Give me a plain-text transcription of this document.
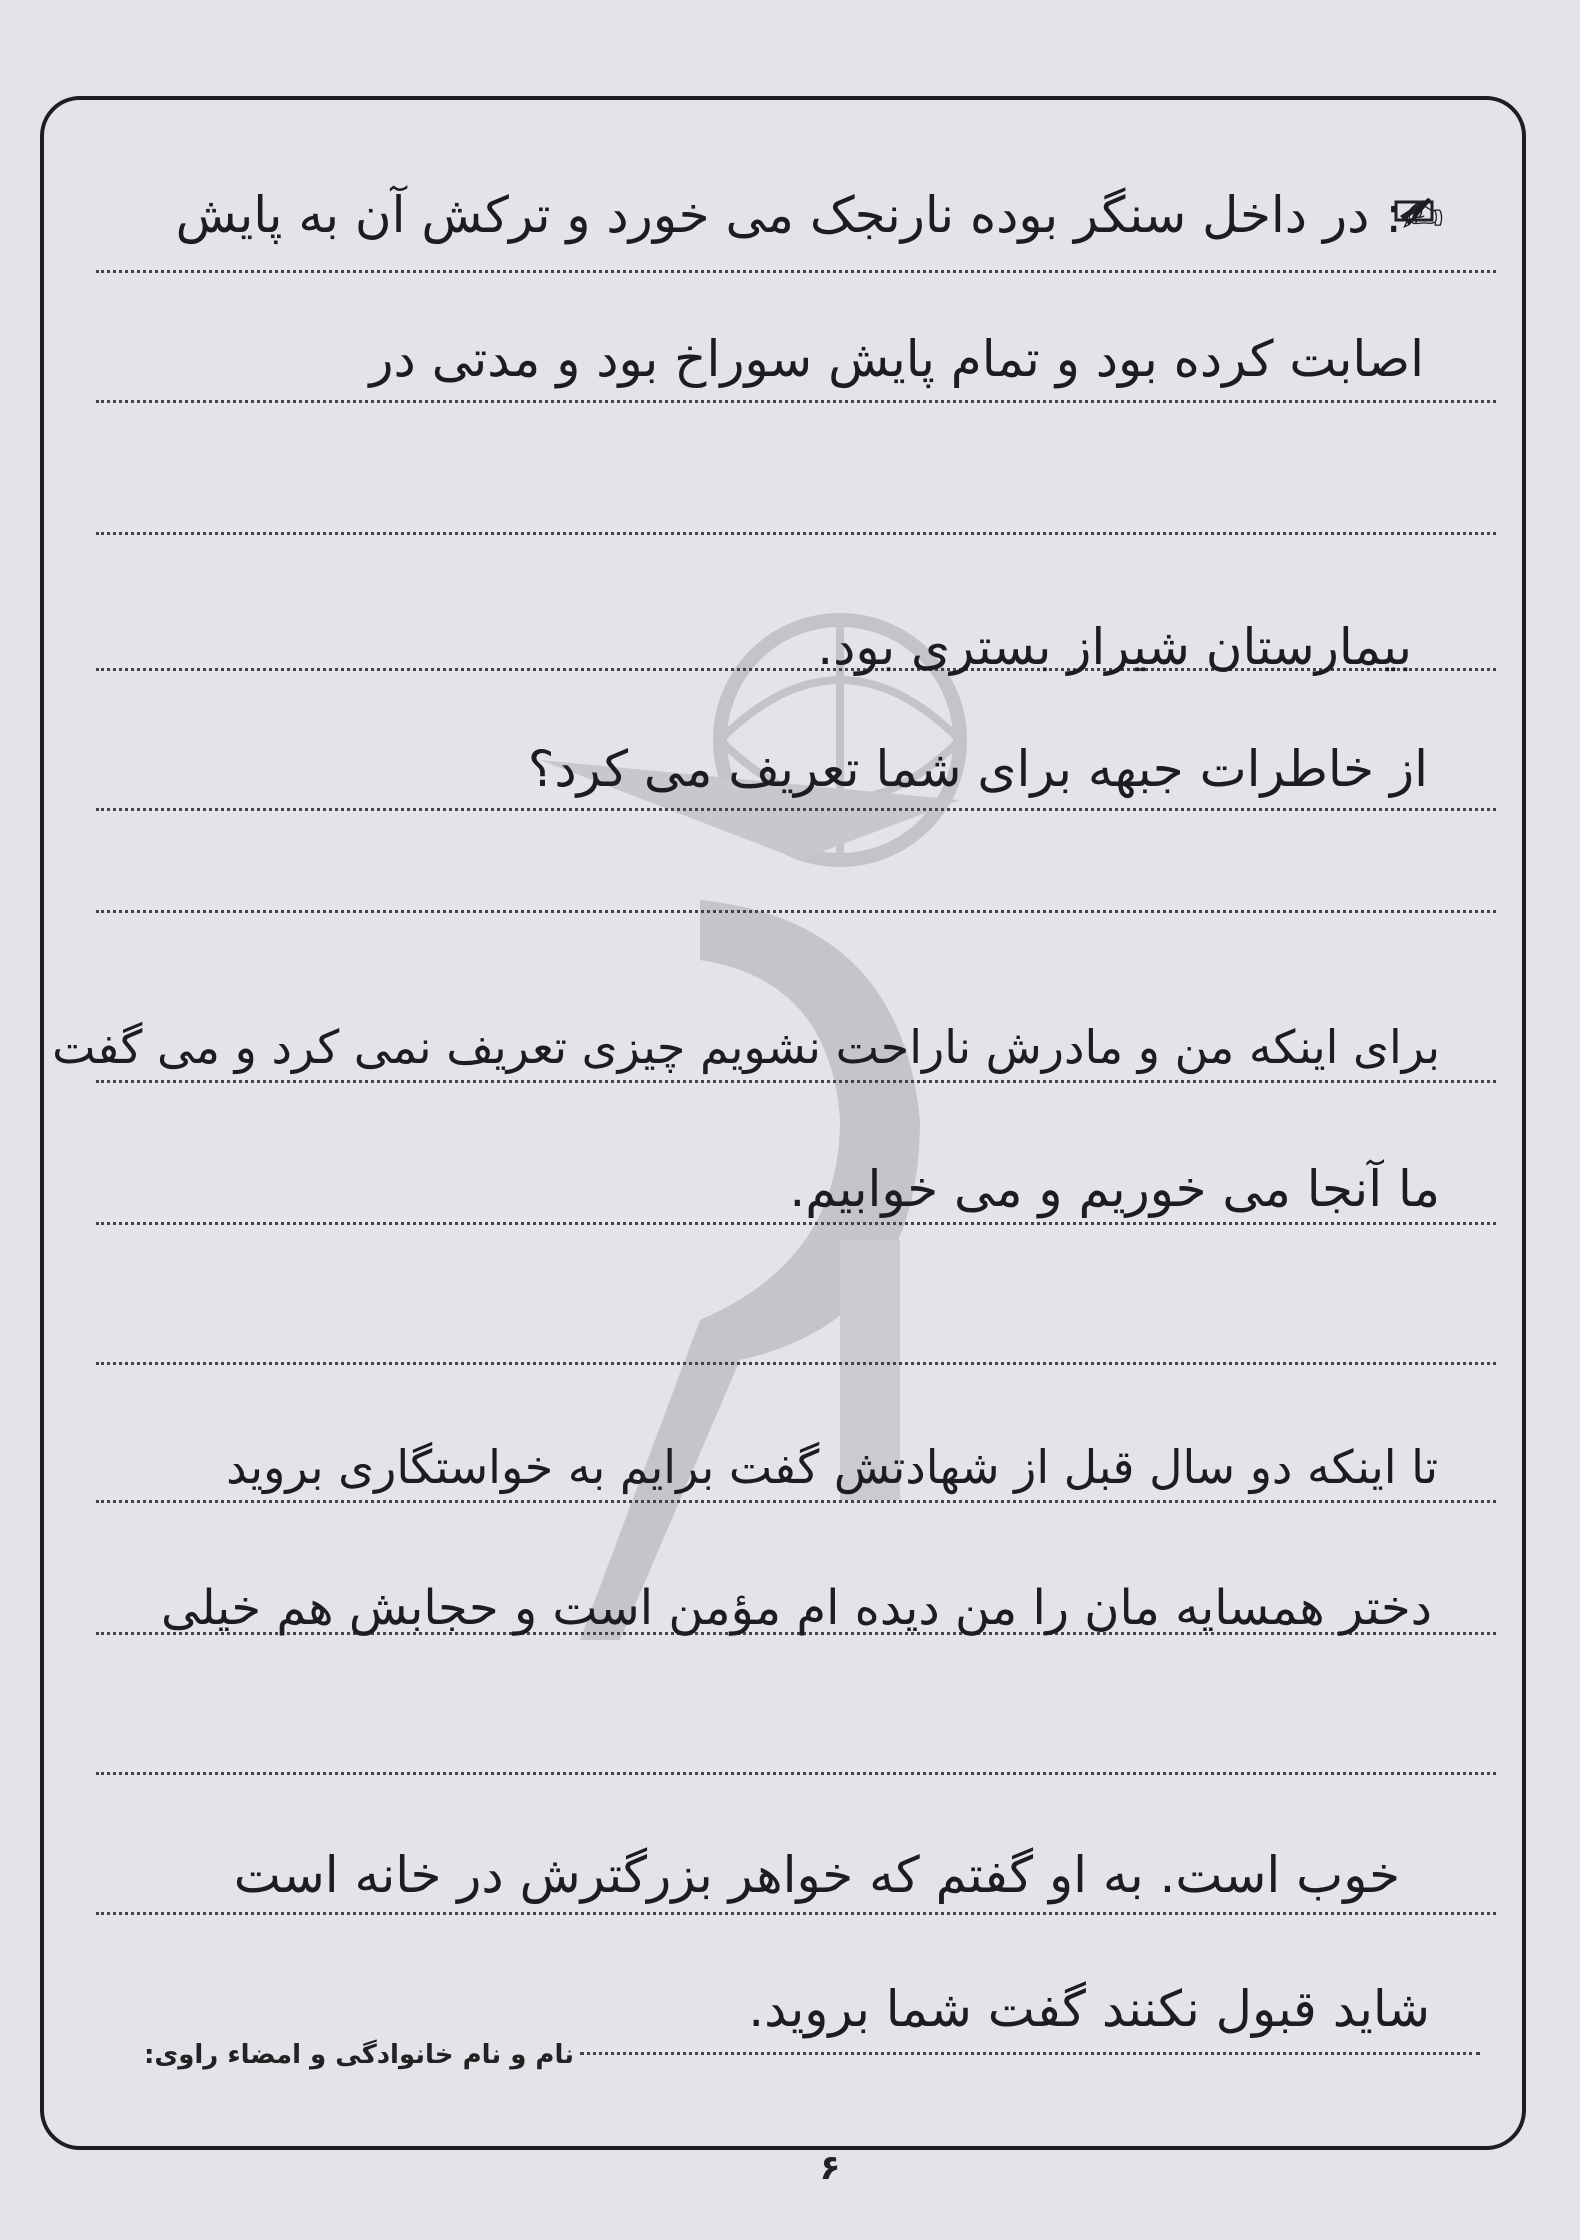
✍: در داخل سنگر بوده نارنجک می خورد و ترکش آن به پایش
اصابت کرده بود و تمام پایش سوراخ بود و مدتی در
بیمارستان شیراز بستری بود.
از خاطرات جبهه برای شما تعریف می کرد؟
برای اینکه من و مادرش ناراحت نشویم چیزی تعریف نمی کرد و می گفت
ما آنجا می خوریم و می خوابیم.
تا اینکه دو سال قبل از شهادتش گفت برایم به خواستگاری بروید
دختر همسایه مان را من دیده ام مؤمن است و حجابش هم خیلی
خوب است. به او گفتم که خواهر بزرگترش در خانه است
شاید قبول نکنند گفت شما بروید.
نام و نام خانوادگی و امضاء راوی:
۶
